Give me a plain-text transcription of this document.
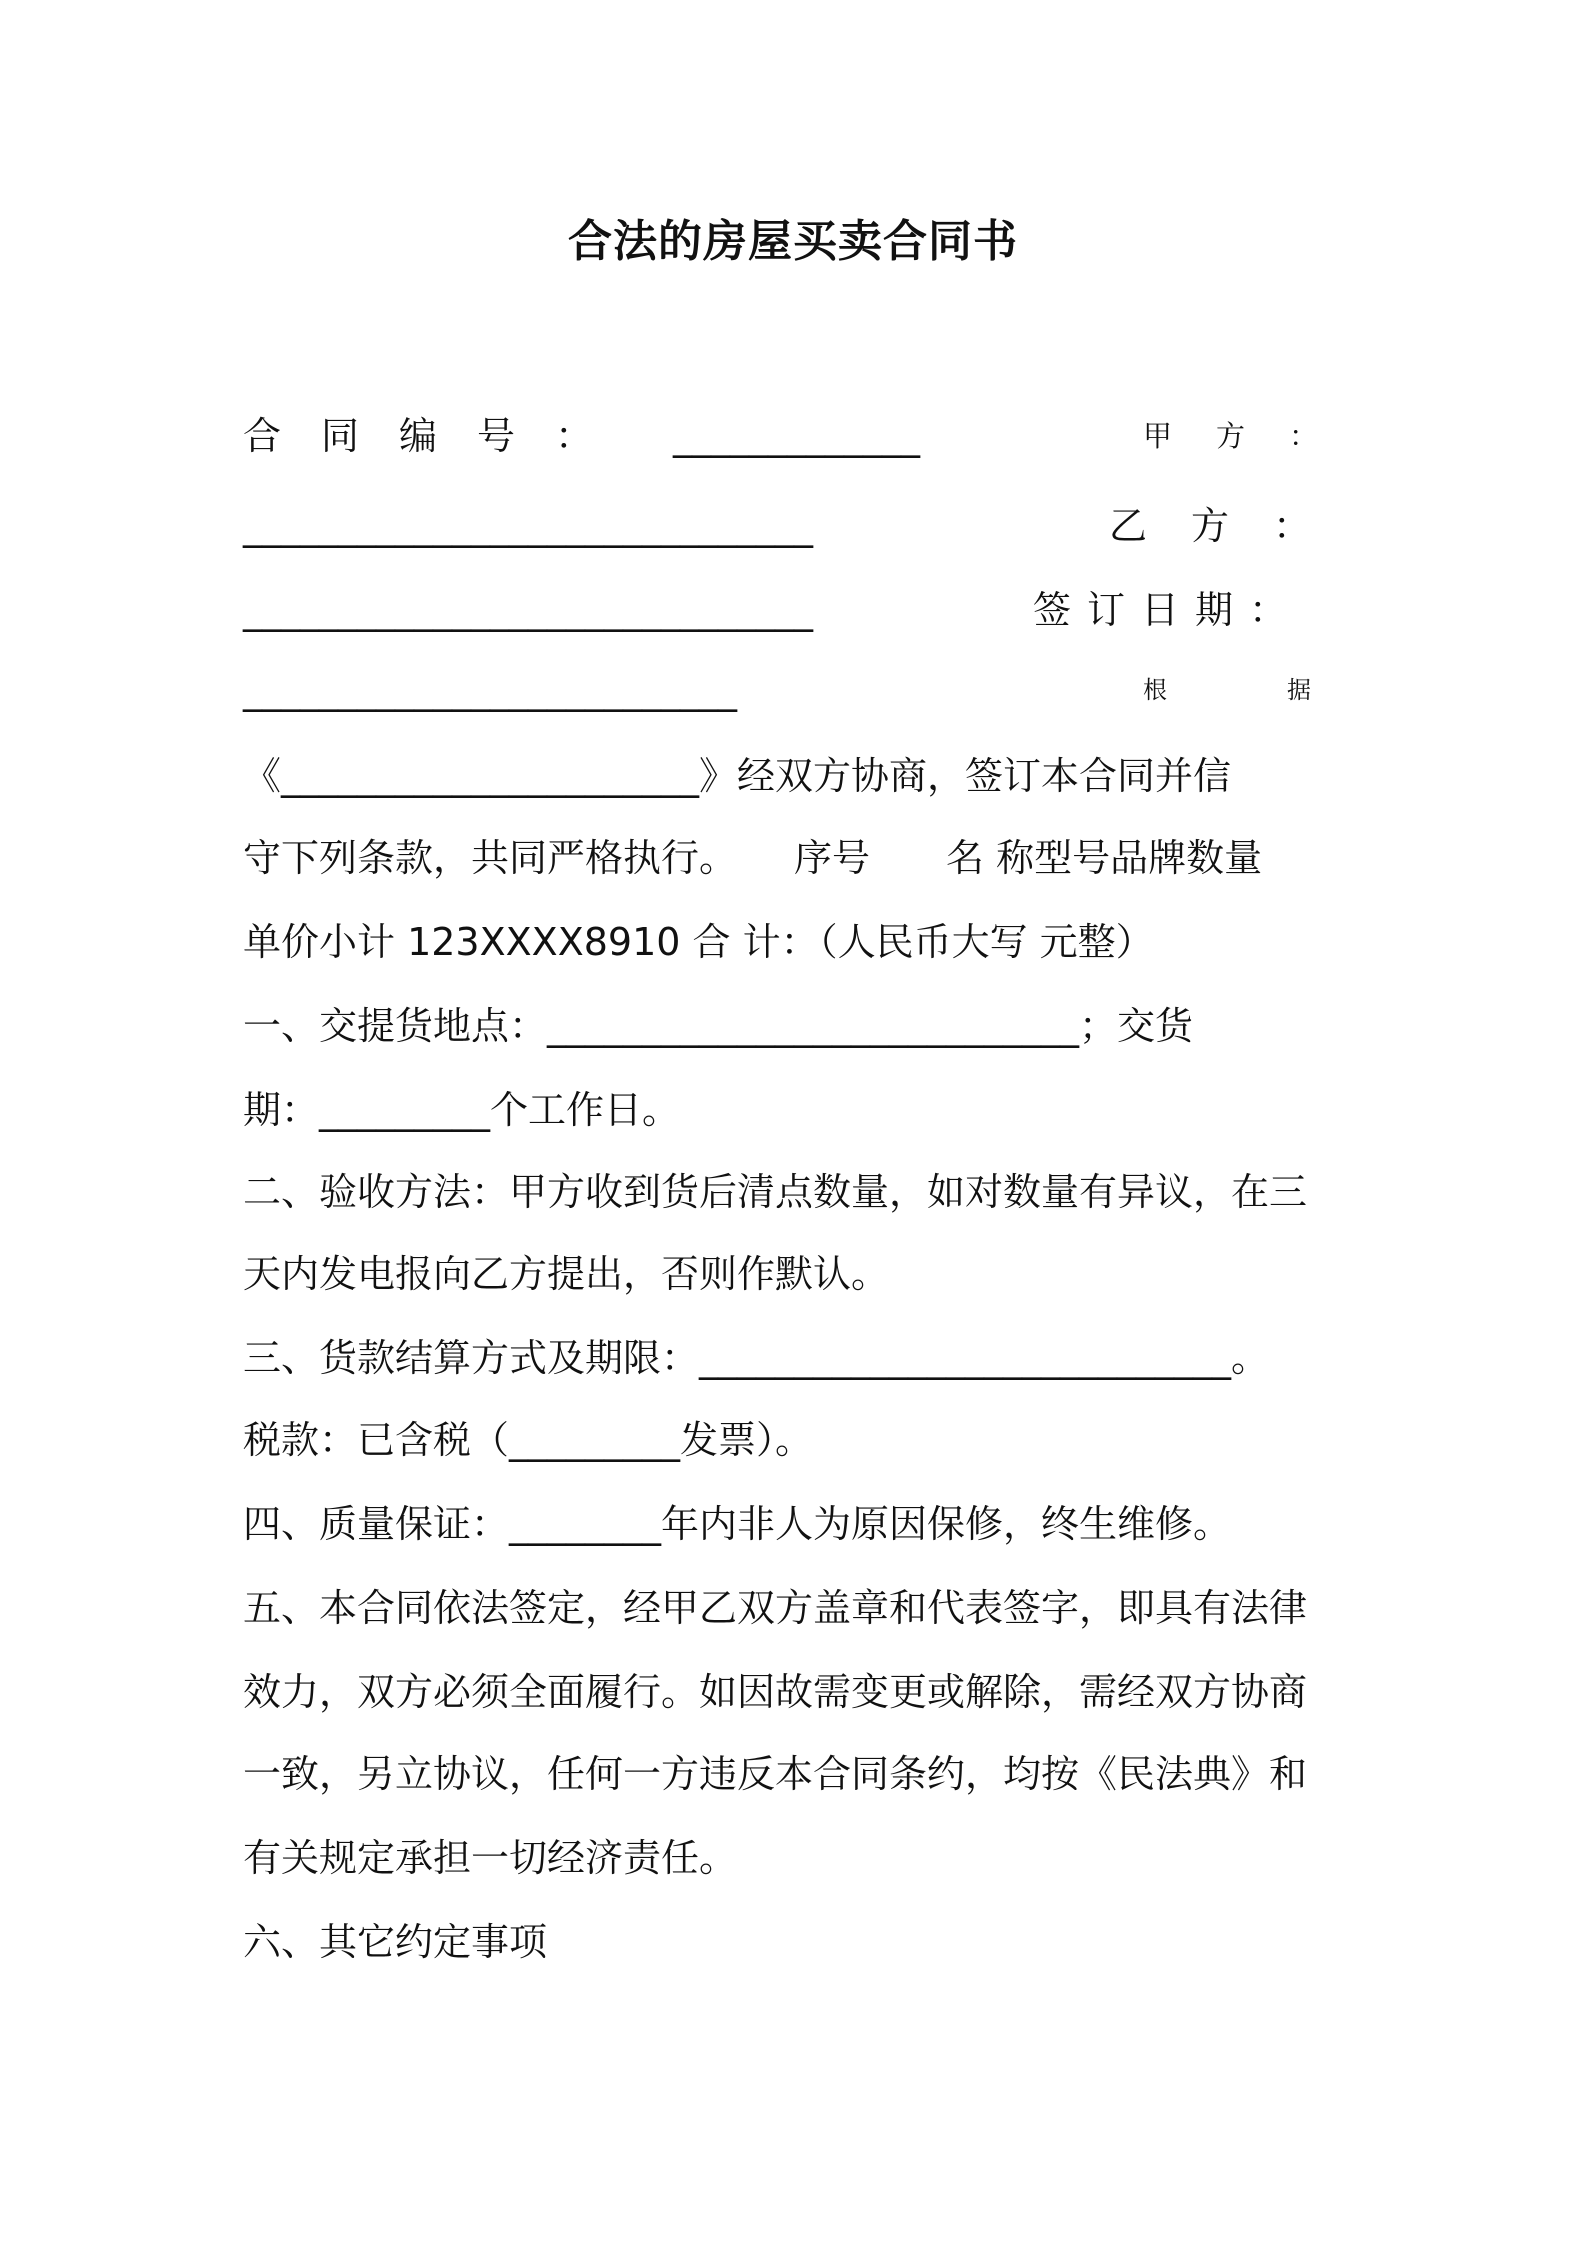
合法的房屋买卖合同书
合同编号： _____________	甲方：
______________________________	乙方：
______________________________	签订日期：
__________________________	根据
《______________________》经双方协商，签订本合同并信
守下列条款，共同严格执行。　　序号　　名 称型号品牌数量
单价小计 123XXXX8910 合 计：（人民币大写 元整）
一、交提货地点：____________________________；交货
期：_________个工作日。
二、验收方法：甲方收到货后清点数量，如对数量有异议，在三
天内发电报向乙方提出，否则作默认。
三、货款结算方式及期限：____________________________。
税款：已含税（_________发票）。
四、质量保证：________年内非人为原因保修，终生维修。
五、本合同依法签定，经甲乙双方盖章和代表签字，即具有法律
效力，双方必须全面履行。如因故需变更或解除，需经双方协商
一致，另立协议，任何一方违反本合同条约，均按《民法典》和
有关规定承担一切经济责任。
六、其它约定事项
